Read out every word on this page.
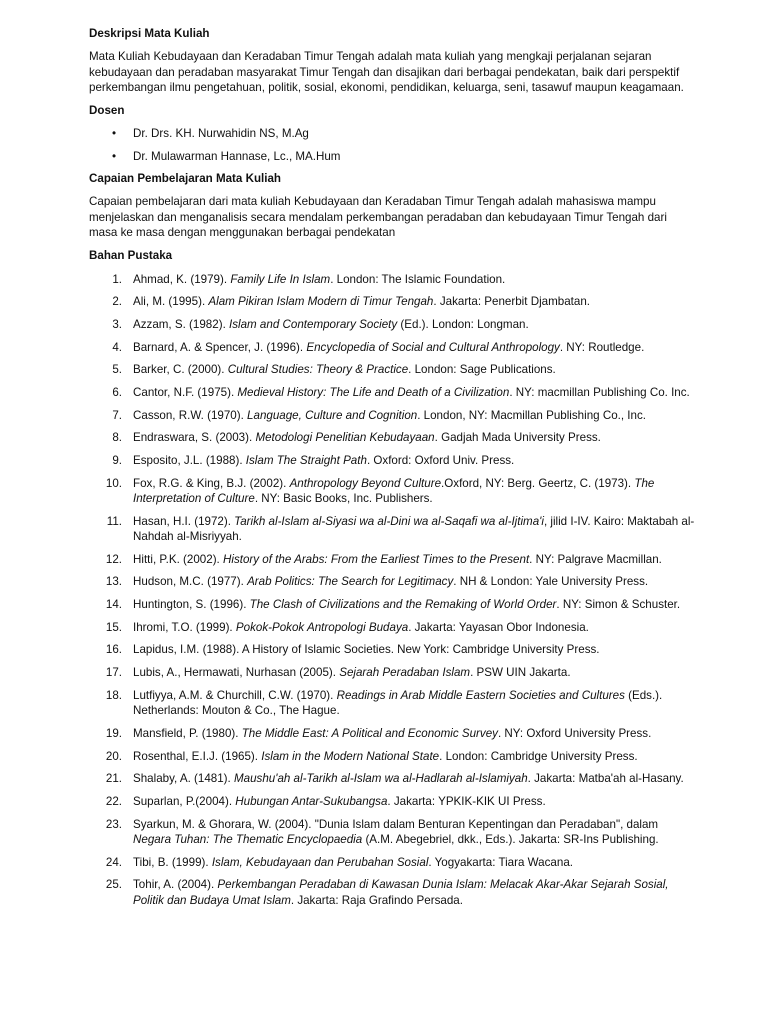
Deskripsi Mata Kuliah

Mata Kuliah Kebudayaan dan Keradaban Timur Tengah adalah mata kuliah yang mengkaji perjalanan sejaran kebudayaan dan peradaban masyarakat Timur Tengah dan disajikan dari berbagai pendekatan, baik dari perspektif perkembangan ilmu pengetahuan, politik, sosial, ekonomi, pendidikan, keluarga, seni, tasawuf maupun keagamaan.

Dosen
• Dr. Drs. KH. Nurwahidin NS, M.Ag
• Dr. Mulawarman Hannase, Lc., MA.Hum
Capaian Pembelajaran Mata Kuliah

Capaian pembelajaran dari mata kuliah Kebudayaan dan Keradaban Timur Tengah adalah mahasiswa mampu menjelaskan dan menganalisis secara mendalam perkembangan peradaban dan kebudayaan Timur Tengah dari masa ke masa dengan menggunakan berbagai pendekatan

Bahan Pustaka
1. Ahmad, K. (1979). Family Life In Islam. London: The Islamic Foundation.
2. Ali, M. (1995). Alam Pikiran Islam Modern di Timur Tengah. Jakarta: Penerbit Djambatan.
3. Azzam, S. (1982). Islam and Contemporary Society (Ed.). London: Longman.
4. Barnard, A. & Spencer, J. (1996). Encyclopedia of Social and Cultural Anthropology. NY: Routledge.
5. Barker, C. (2000). Cultural Studies: Theory & Practice. London: Sage Publications.
6. Cantor, N.F. (1975). Medieval History: The Life and Death of a Civilization. NY: macmillan Publishing Co. Inc.
7. Casson, R.W. (1970). Language, Culture and Cognition. London, NY: Macmillan Publishing Co., Inc.
8. Endraswara, S. (2003). Metodologi Penelitian Kebudayaan. Gadjah Mada University Press.
9. Esposito, J.L. (1988). Islam The Straight Path. Oxford: Oxford Univ. Press.
10. Fox, R.G. & King, B.J. (2002). Anthropology Beyond Culture.Oxford, NY: Berg. Geertz, C. (1973). The Interpretation of Culture. NY: Basic Books, Inc. Publishers.
11. Hasan, H.I. (1972). Tarikh al-Islam al-Siyasi wa al-Dini wa al-Saqafi wa al-Ijtima'i, jilid I-IV. Kairo: Maktabah al-Nahdah al-Misriyyah.
12. Hitti, P.K. (2002). History of the Arabs: From the Earliest Times to the Present. NY: Palgrave Macmillan.
13. Hudson, M.C. (1977). Arab Politics: The Search for Legitimacy. NH & London: Yale University Press.
14. Huntington, S. (1996). The Clash of Civilizations and the Remaking of World Order. NY: Simon & Schuster.
15. Ihromi, T.O. (1999). Pokok-Pokok Antropologi Budaya. Jakarta: Yayasan Obor Indonesia.
16. Lapidus, I.M. (1988). A History of Islamic Societies. New York: Cambridge University Press.
17. Lubis, A., Hermawati, Nurhasan (2005). Sejarah Peradaban Islam. PSW UIN Jakarta.
18. Lutfiyya, A.M. & Churchill, C.W. (1970). Readings in Arab Middle Eastern Societies and Cultures (Eds.). Netherlands: Mouton & Co., The Hague.
19. Mansfield, P. (1980). The Middle East: A Political and Economic Survey. NY: Oxford University Press.
20. Rosenthal, E.I.J. (1965). Islam in the Modern National State. London: Cambridge University Press.
21. Shalaby, A. (1481). Maushu'ah al-Tarikh al-Islam wa al-Hadlarah al-Islamiyah. Jakarta: Matba'ah al-Hasany.
22. Suparlan, P.(2004). Hubungan Antar-Sukubangsa. Jakarta: YPKIK-KIK UI Press.
23. Syarkun, M. & Ghorara, W. (2004). "Dunia Islam dalam Benturan Kepentingan dan Peradaban", dalam Negara Tuhan: The Thematic Encyclopaedia (A.M. Abegebriel, dkk., Eds.). Jakarta: SR-Ins Publishing.
24. Tibi, B. (1999). Islam, Kebudayaan dan Perubahan Sosial. Yogyakarta: Tiara Wacana.
25. Tohir, A. (2004). Perkembangan Peradaban di Kawasan Dunia Islam: Melacak Akar-Akar Sejarah Sosial, Politik dan Budaya Umat Islam. Jakarta: Raja Grafindo Persada.
